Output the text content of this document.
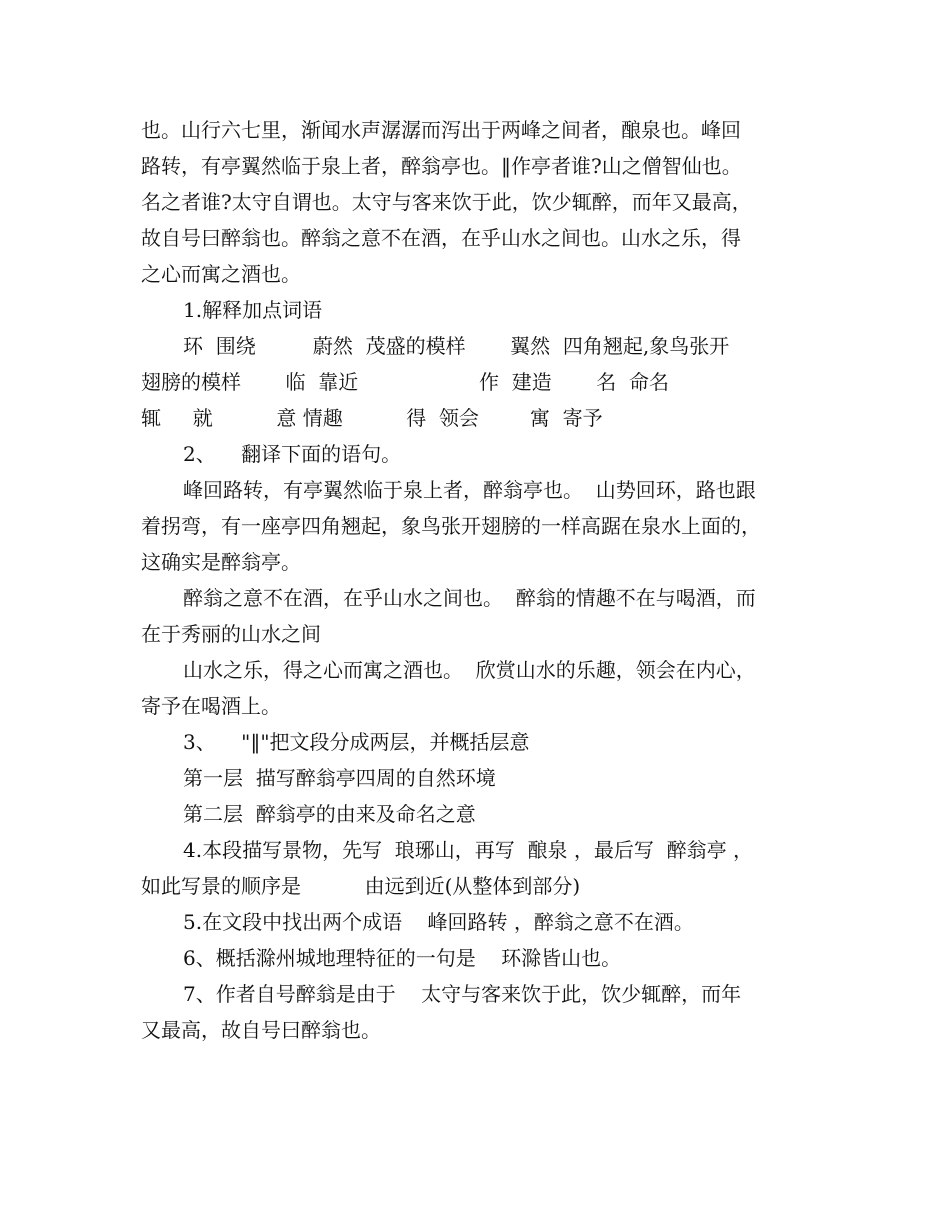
也。山行六七里，渐闻水声潺潺而泻出于两峰之间者，酿泉也。峰回
路转，有亭翼然临于泉上者，醉翁亭也。‖作亭者谁?山之僧智仙也。
名之者谁?太守自谓也。太守与客来饮于此，饮少辄醉，而年又最高，
故自号曰醉翁也。醉翁之意不在酒，在乎山水之间也。山水之乐，得
之心而寓之酒也。
1.解释加点词语
环  围绕         蔚然  茂盛的模样       翼然  四角翘起,象鸟张开
翅膀的模样       临  靠近                   作  建造       名  命名
辄     就          意 情趣          得  领会        寓  寄予
2、    翻译下面的语句。
峰回路转，有亭翼然临于泉上者，醉翁亭也。  山势回环，路也跟
着拐弯，有一座亭四角翘起，象鸟张开翅膀的一样高踞在泉水上面的，
这确实是醉翁亭。
醉翁之意不在酒，在乎山水之间也。  醉翁的情趣不在与喝酒，而
在于秀丽的山水之间
山水之乐，得之心而寓之酒也。  欣赏山水的乐趣，领会在内心，
寄予在喝酒上。
3、    "‖"把文段分成两层，并概括层意
第一层  描写醉翁亭四周的自然环境
第二层  醉翁亭的由来及命名之意
4.本段描写景物，先写  琅琊山，再写  酿泉 ，最后写  醉翁亭 ，
如此写景的顺序是          由远到近(从整体到部分)
5.在文段中找出两个成语    峰回路转 ，醉翁之意不在酒。
6、概括滁州城地理特征的一句是    环滁皆山也。
7、作者自号醉翁是由于    太守与客来饮于此，饮少辄醉，而年
又最高，故自号曰醉翁也。
